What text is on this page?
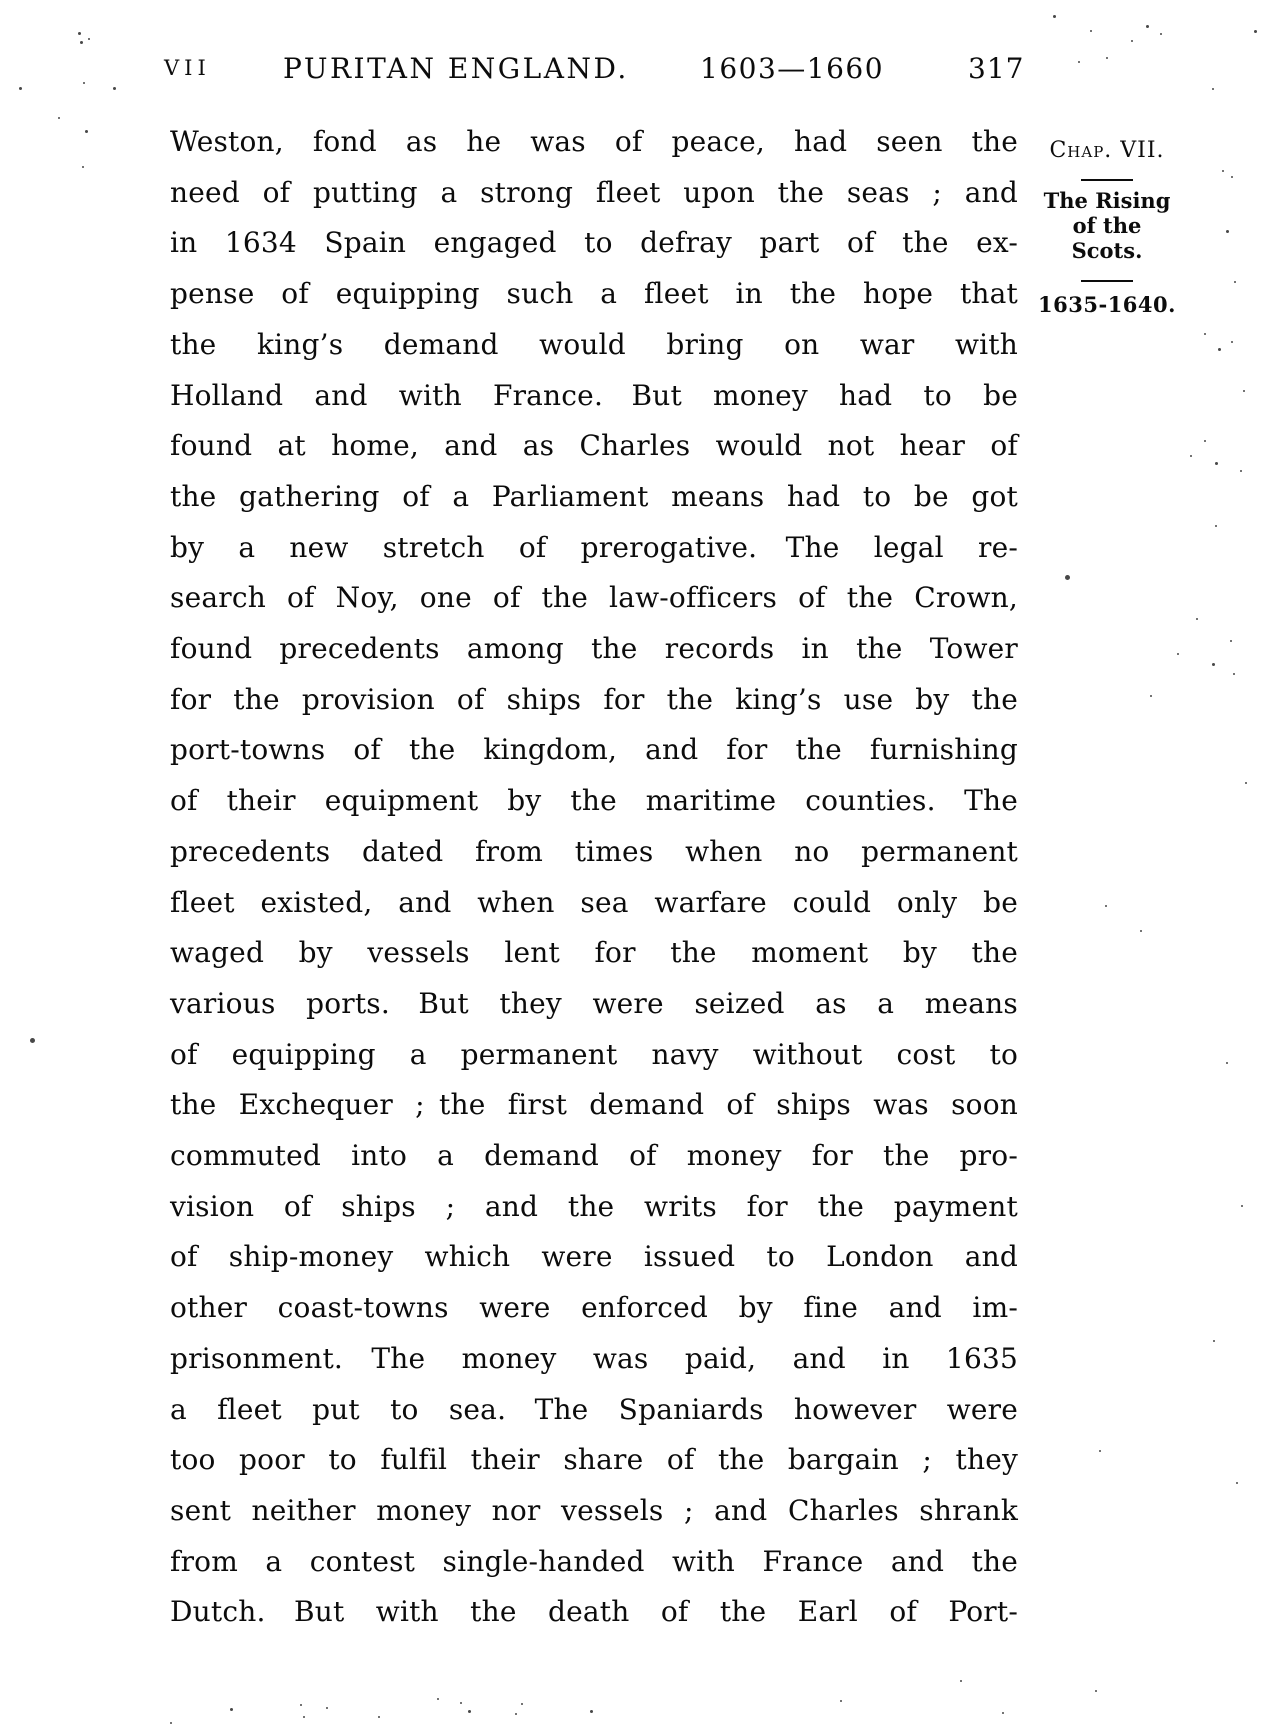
VII	PURITAN ENGLAND.	1603—1660	317
Weston, fond as he was of peace, had seen the
need of putting a strong fleet upon the seas ; and
in 1634 Spain engaged to defray part of the ex-
pense of equipping such a fleet in the hope that
the king’s demand would bring on war with
Holland and with France.  But money had to be
found at home, and as Charles would not hear of
the gathering of a Parliament means had to be got
by a new stretch of prerogative.  The legal re-
search of Noy, one of the law-officers of the Crown,
found precedents among the records in the Tower
for the provision of ships for the king’s use by the
port-towns of the kingdom, and for the furnishing
of their equipment by the maritime counties.  The
precedents dated from times when no permanent
fleet existed, and when sea warfare could only be
waged by vessels lent for the moment by the
various ports.  But they were seized as a means
of equipping a permanent navy without cost to
the Exchequer ; the first demand of ships was soon
commuted into a demand of money for the pro-
vision of ships ; and the writs for the payment
of ship-money which were issued to London and
other coast-towns were enforced by fine and im-
prisonment.  The money was paid, and in 1635
a fleet put to sea.  The Spaniards however were
too poor to fulfil their share of the bargain ; they
sent neither money nor vessels ; and Charles shrank
from a contest single-handed with France and the
Dutch.  But with the death of the Earl of Port-
Chap. VII.
The Rising
of the
Scots.
1635-1640.
